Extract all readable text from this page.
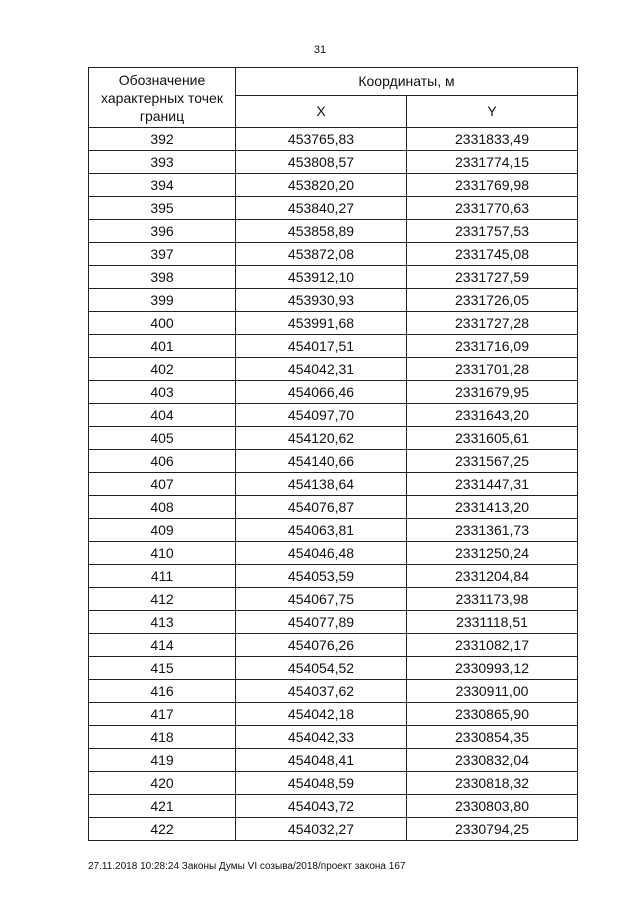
31
Обозначение характерных точек границ	Координаты, м	
	X	Y
392	453765,83	2331833,49
393	453808,57	2331774,15
394	453820,20	2331769,98
395	453840,27	2331770,63
396	453858,89	2331757,53
397	453872,08	2331745,08
398	453912,10	2331727,59
399	453930,93	2331726,05
400	453991,68	2331727,28
401	454017,51	2331716,09
402	454042,31	2331701,28
403	454066,46	2331679,95
404	454097,70	2331643,20
405	454120,62	2331605,61
406	454140,66	2331567,25
407	454138,64	2331447,31
408	454076,87	2331413,20
409	454063,81	2331361,73
410	454046,48	2331250,24
411	454053,59	2331204,84
412	454067,75	2331173,98
413	454077,89	2331118,51
414	454076,26	2331082,17
415	454054,52	2330993,12
416	454037,62	2330911,00
417	454042,18	2330865,90
418	454042,33	2330854,35
419	454048,41	2330832,04
420	454048,59	2330818,32
421	454043,72	2330803,80
422	454032,27	2330794,25
27.11.2018 10:28:24 Законы Думы VI созыва/2018/проект закона 167
